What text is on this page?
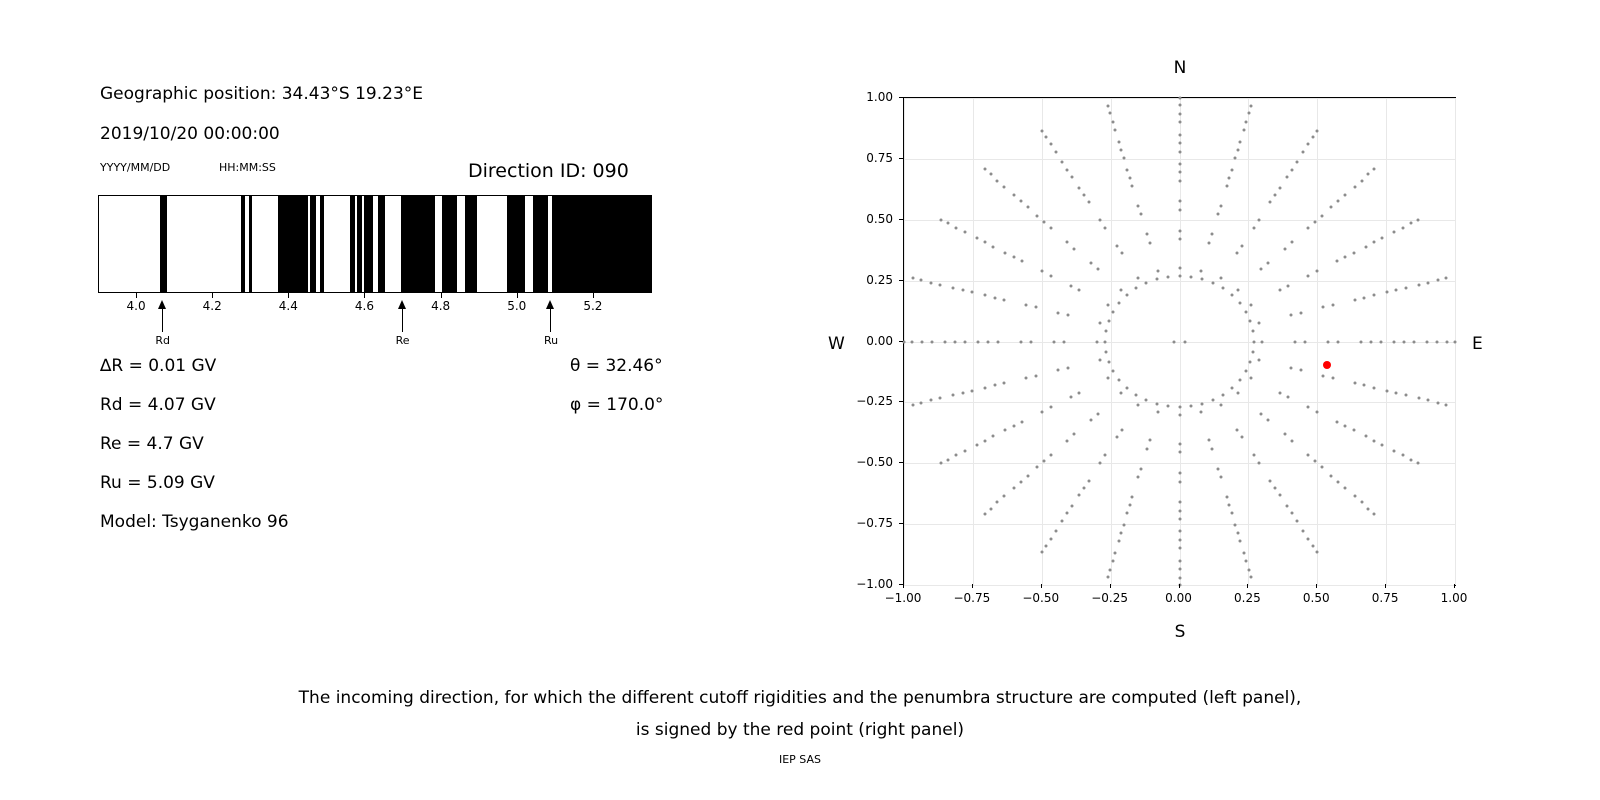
Geographic position: 34.43°S 19.23°E
2019/10/20 00:00:00
YYYY/MM/DD	HH:MM:SS	Direction ID: 090
4.0	4.2	4.4	4.6	4.8	5.0	5.2
Rd	Re	Ru
∆R = 0.01 GV
Rd = 4.07 GV
Re = 4.7 GV
Ru = 5.09 GV
Model: Tsyganenko 96
θ = 32.46°
φ = 170.0°
N
S
W	E
−1.00	−0.75	−0.50	−0.25	0.00	0.25	0.50	0.75	1.00
−1.00
−0.75
−0.50
−0.25
0.00
0.25
0.50
0.75
1.00
The incoming direction, for which the different cutoff rigidities and the penumbra structure are computed (left panel),
is signed by the red point (right panel)
IEP SAS
